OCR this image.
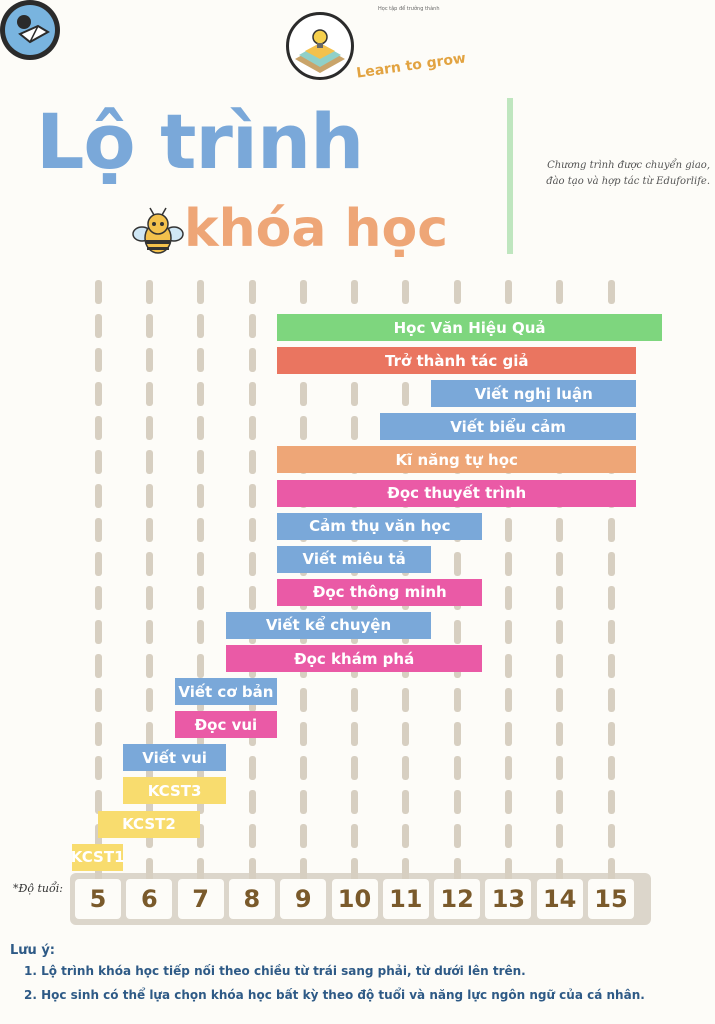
Học tập để trưởng thành
Learn to grow
Lộ trình
khóa học
Chương trình được chuyển giao,
đào tạo và hợp tác từ Eduforlife.
*Độ tuổi:
Lưu ý:
1. Lộ trình khóa học tiếp nối theo chiều từ trái sang phải, từ dưới lên trên.
2. Học sinh có thể lựa chọn khóa học bất kỳ theo độ tuổi và năng lực ngôn ngữ của cá nhân.
Học Văn Hiệu Quả
Trở thành tác giả
Viết nghị luận
Viết biểu cảm
Kĩ năng tự học
Đọc thuyết trình
Cảm thụ văn học
Viết miêu tả
Đọc thông minh
Viết kể chuyện
Đọc khám phá
Viết cơ bản
Đọc vui
Viết vui
KCST3
KCST2
KCST1
5	6	7	8	9	10 11 12 13 14 15
